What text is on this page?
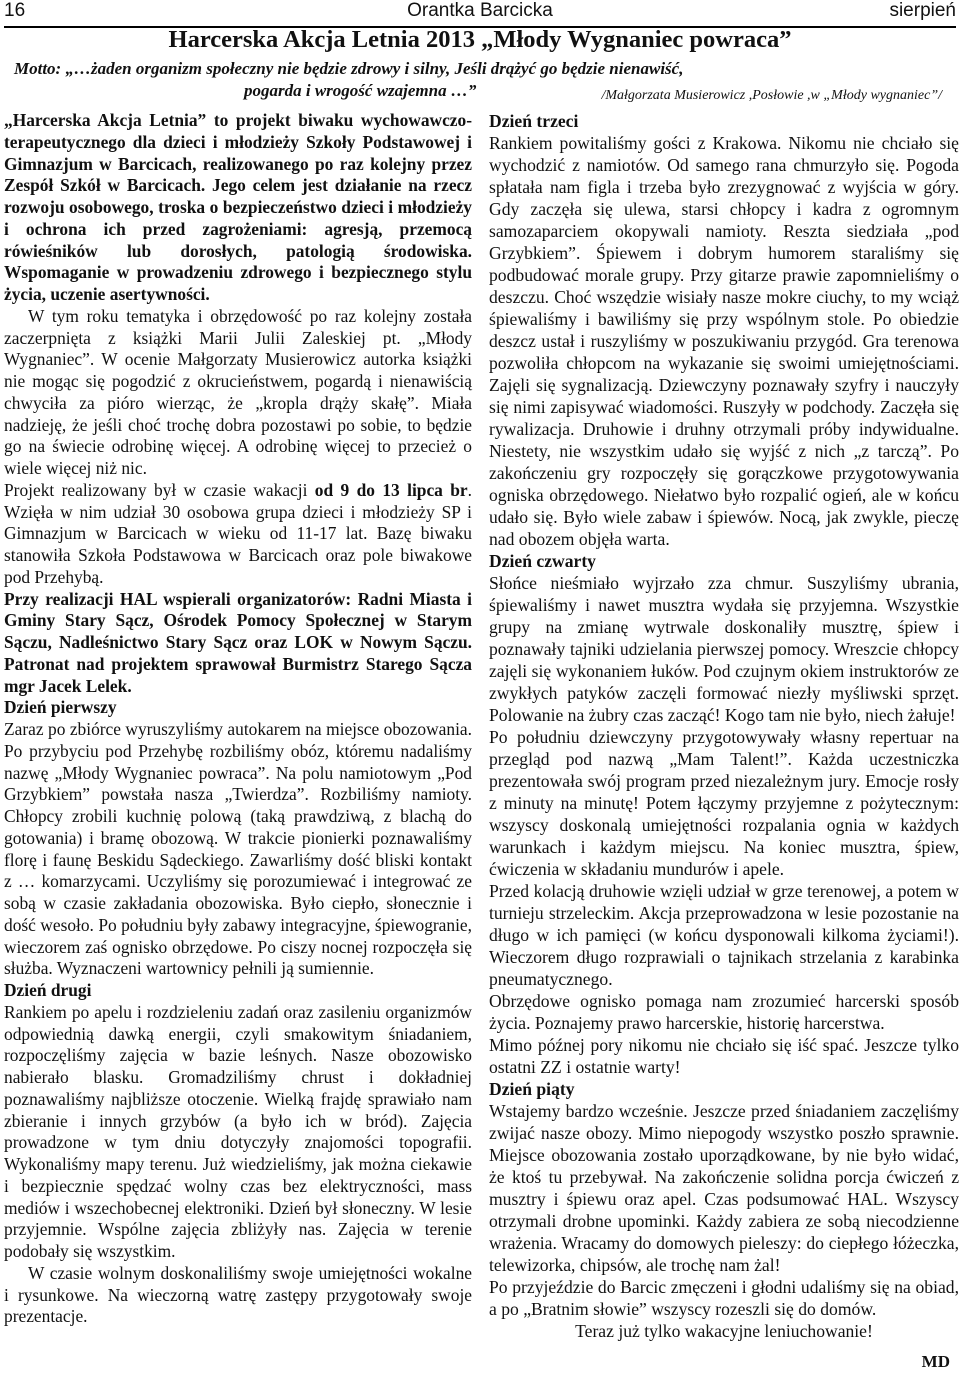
16	Orantka Barcicka	sierpień
Harcerska Akcja Letnia 2013 „Młody Wygnaniec powraca”
Motto: „…żaden organizm społeczny nie będzie zdrowy i silny, Jeśli drążyć go będzie nienawiść,
pogarda i wrogość wzajemna …”	/Małgorzata Musierowicz ,Posłowie ,w „Młody wygnaniec”/

„Harcerska Akcja Letnia” to projekt biwaku wychowawczo-terapeutycznego dla dzieci i młodzieży Szkoły Podstawowej i Gimnazjum w Barcicach, realizowanego po raz kolejny przez Zespół Szkół w Barcicach. Jego celem jest działanie na rzecz rozwoju osobowego, troska o bezpieczeństwo dzieci i młodzieży i ochrona ich przed zagrożeniami: agresją, przemocą rówieśników lub dorosłych, patologią środowiska. Wspomaganie w prowadzeniu zdrowego i bezpiecznego stylu życia, uczenie asertywności.

W tym roku tematyka i obrzędowość po raz kolejny została zaczerpnięta z książki Marii Julii Zaleskiej pt. „Młody Wygnaniec”. W ocenie Małgorzaty Musierowicz autorka książki nie mogąc się pogodzić z okrucieństwem, pogardą i nienawiścią chwyciła za pióro wierząc, że „kropla drąży skałę”. Miała nadzieję, że jeśli choć trochę dobra pozostawi po sobie, to będzie go na świecie odrobinę więcej. A odrobinę więcej to przecież o wiele więcej niż nic.

Projekt realizowany był w czasie wakacji od 9 do 13 lipca br. Wzięła w nim udział 30 osobowa grupa dzieci i młodzieży SP i Gimnazjum w Barcicach w wieku od 11-17 lat. Bazę biwaku stanowiła Szkoła Podstawowa w Barcicach oraz pole biwakowe pod Przehybą.

Przy realizacji HAL wspierali organizatorów: Radni Miasta i Gminy Stary Sącz, Ośrodek Pomocy Społecznej w Starym Sączu, Nadleśnictwo Stary Sącz oraz LOK w Nowym Sączu. Patronat nad projektem sprawował Burmistrz Starego Sącza mgr Jacek Lelek.

Dzień pierwszy

Zaraz po zbiórce wyruszyliśmy autokarem na miejsce obozowania. Po przybyciu pod Przehybę rozbiliśmy obóz, któremu nadaliśmy nazwę „Młody Wygnaniec powraca”. Na polu namiotowym „Pod Grzybkiem” powstała nasza „Twierdza”. Rozbiliśmy namioty. Chłopcy zrobili kuchnię polową (taką prawdziwą, z blachą do gotowania) i bramę obozową. W trakcie pionierki poznawaliśmy florę i faunę Beskidu Sądeckiego. Zawarliśmy dość bliski kontakt z … komarzycami. Uczyliśmy się porozumiewać i integrować ze sobą w czasie zakładania obozowiska. Było ciepło, słonecznie i dość wesoło. Po południu były zabawy integracyjne, śpiewogranie, wieczorem zaś ognisko obrzędowe. Po ciszy nocnej rozpoczęła się służba. Wyznaczeni wartownicy pełnili ją sumiennie.

Dzień drugi

Rankiem po apelu i rozdzieleniu zadań oraz zasileniu organizmów odpowiednią dawką energii, czyli smakowitym śniadaniem, rozpoczęliśmy zajęcia w bazie leśnych. Nasze obozowisko nabierało blasku. Gromadziliśmy chrust i dokładniej poznawaliśmy najbliższe otoczenie. Wielką frajdę sprawiało nam zbieranie i innych grzybów (a było ich w bród). Zajęcia prowadzone w tym dniu dotyczyły znajomości topografii. Wykonaliśmy mapy terenu. Już wiedzieliśmy, jak można ciekawie i bezpiecznie spędzać wolny czas bez elektryczności, mass mediów i wszechobecnej elektroniki. Dzień był słoneczny. W lesie przyjemnie. Wspólne zajęcia zbliżyły nas. Zajęcia w terenie podobały się wszystkim.

W czasie wolnym doskonaliliśmy swoje umiejętności wokalne i rysunkowe. Na wieczorną watrę zastępy przygotowały swoje prezentacje.

Dzień trzeci

Rankiem powitaliśmy gości z Krakowa. Nikomu nie chciało się wychodzić z namiotów. Od samego rana chmurzyło się. Pogoda spłatała nam figla i trzeba było zrezygnować z wyjścia w góry. Gdy zaczęła się ulewa, starsi chłopcy i kadra z ogromnym samozaparciem okopywali namioty. Reszta siedziała „pod Grzybkiem”. Śpiewem i dobrym humorem staraliśmy się podbudować morale grupy. Przy gitarze prawie zapomnieliśmy o deszczu. Choć wszędzie wisiały nasze mokre ciuchy, to my wciąż śpiewaliśmy i bawiliśmy się przy wspólnym stole. Po obiedzie deszcz ustał i ruszyliśmy w poszukiwaniu przygód. Gra terenowa pozwoliła chłopcom na wykazanie się swoimi umiejętnościami. Zajęli się sygnalizacją. Dziewczyny poznawały szyfry i nauczyły się nimi zapisywać wiadomości. Ruszyły w podchody. Zaczęła się rywalizacja. Druhowie i druhny otrzymali próby indywidualne. Niestety, nie wszystkim udało się wyjść z nich „z tarczą”. Po zakończeniu gry rozpoczęły się gorączkowe przygotowywania ogniska obrzędowego. Niełatwo było rozpalić ogień, ale w końcu udało się. Było wiele zabaw i śpiewów. Nocą, jak zwykle, pieczę nad obozem objęła warta.

Dzień czwarty

Słońce nieśmiało wyjrzało zza chmur. Suszyliśmy ubrania, śpiewaliśmy i nawet musztra wydała się przyjemna. Wszystkie grupy na zmianę wytrwale doskonaliły musztrę, śpiew i poznawały tajniki udzielania pierwszej pomocy. Wreszcie chłopcy zajęli się wykonaniem łuków. Pod czujnym okiem instruktorów ze zwykłych patyków zaczęli formować niezły myśliwski sprzęt. Polowanie na żubry czas zacząć! Kogo tam nie było, niech żałuje!

Po południu dziewczyny przygotowywały własny repertuar na przegląd pod nazwą „Mam Talent!”. Każda uczestniczka prezentowała swój program przed niezależnym jury. Emocje rosły z minuty na minutę! Potem łączymy przyjemne z pożytecznym: wszyscy doskonalą umiejętności rozpalania ognia w każdych warunkach i każdym miejscu. Na koniec musztra, śpiew, ćwiczenia w składaniu mundurów i apele.

Przed kolacją druhowie wzięli udział w grze terenowej, a potem w turnieju strzeleckim. Akcja przeprowadzona w lesie pozostanie na długo w ich pamięci (w końcu dysponowali kilkoma życiami!). Wieczorem długo rozprawiali o tajnikach strzelania z karabinka pneumatycznego.

Obrzędowe ognisko pomaga nam zrozumieć harcerski sposób życia. Poznajemy prawo harcerskie, historię harcerstwa.

Mimo późnej pory nikomu nie chciało się iść spać. Jeszcze tylko ostatni ZZ i ostatnie warty!

Dzień piąty

Wstajemy bardzo wcześnie. Jeszcze przed śniadaniem zaczęliśmy zwijać nasze obozy. Mimo niepogody wszystko poszło sprawnie. Miejsce obozowania zostało uporządkowane, by nie było widać, że ktoś tu przebywał. Na zakończenie solidna porcja ćwiczeń z musztry i śpiewu oraz apel. Czas podsumować HAL. Wszyscy otrzymali drobne upominki. Każdy zabiera ze sobą niecodzienne wrażenia. Wracamy do domowych pieleszy: do ciepłego łóżeczka, telewizorka, chipsów, ale trochę nam żal!

Po przyjeździe do Barcic zmęczeni i głodni udaliśmy się na obiad, a po „Bratnim słowie” wszyscy rozeszli się do domów.

Teraz już tylko wakacyjne leniuchowanie!

MD
